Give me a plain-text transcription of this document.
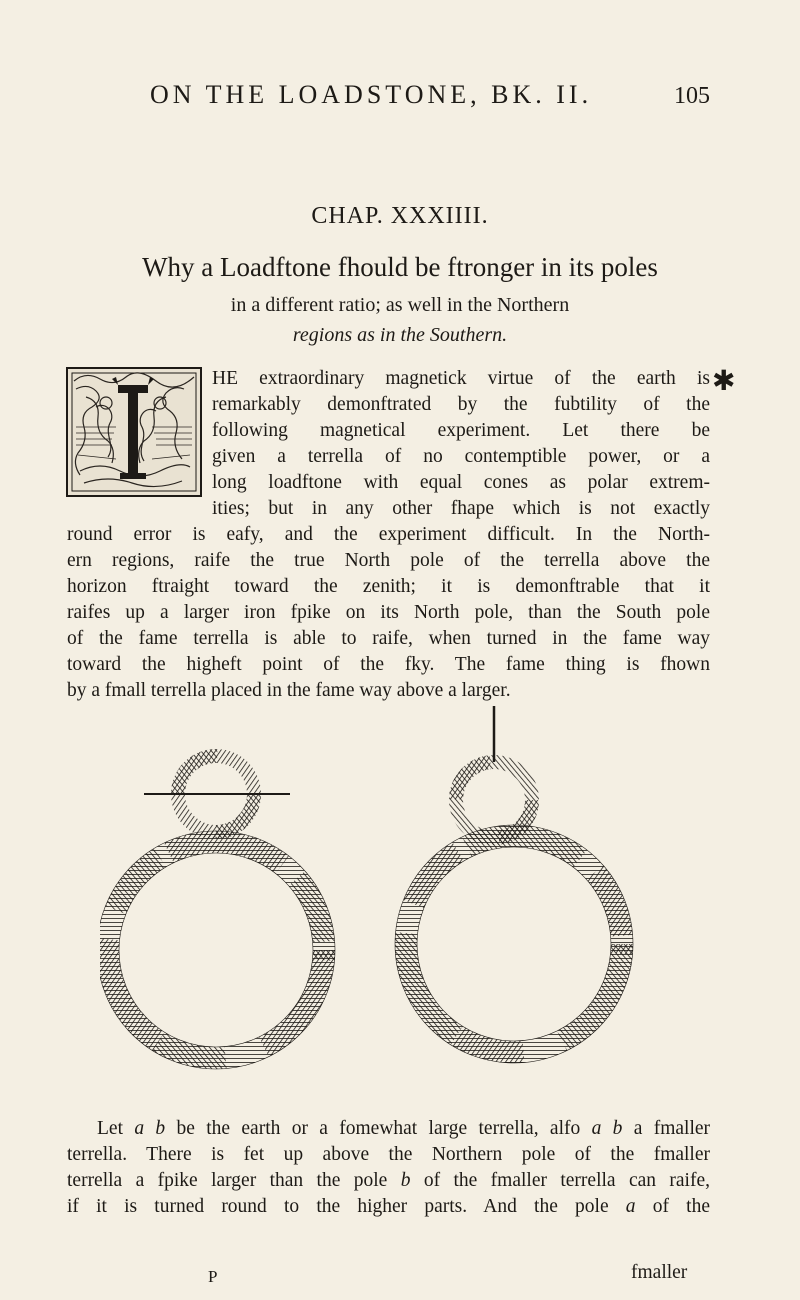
ON THE LOADSTONE, BK. II.	105
CHAP. XXXIIII.
Why a Loadftone fhould be ftronger in its poles
in a different ratio; as well in the Northern
regions as in the Southern.
✱
HE extraordinary magnetick virtue of the earth is
remarkably demonftrated by the fubtility of the
following magnetical experiment. Let there be
given a terrella of no contemptible power, or a
long loadftone with equal cones as polar extrem-
ities; but in any other fhape which is not exactly
round error is eafy, and the experiment difficult. In the North-
ern regions, raife the true North pole of the terrella above the
horizon ftraight toward the zenith; it is demonftrable that it
raifes up a larger iron fpike on its North pole, than the South pole
of the fame terrella is able to raife, when turned in the fame way
toward the higheft point of the fky. The fame thing is fhown
by a fmall terrella placed in the fame way above a larger.
Let a b be the earth or a fomewhat large terrella, alfo a b a fmaller
terrella. There is fet up above the Northern pole of the fmaller
terrella a fpike larger than the pole b of the fmaller terrella can raife,
if it is turned round to the higher parts. And the pole a of the
P	fmaller
